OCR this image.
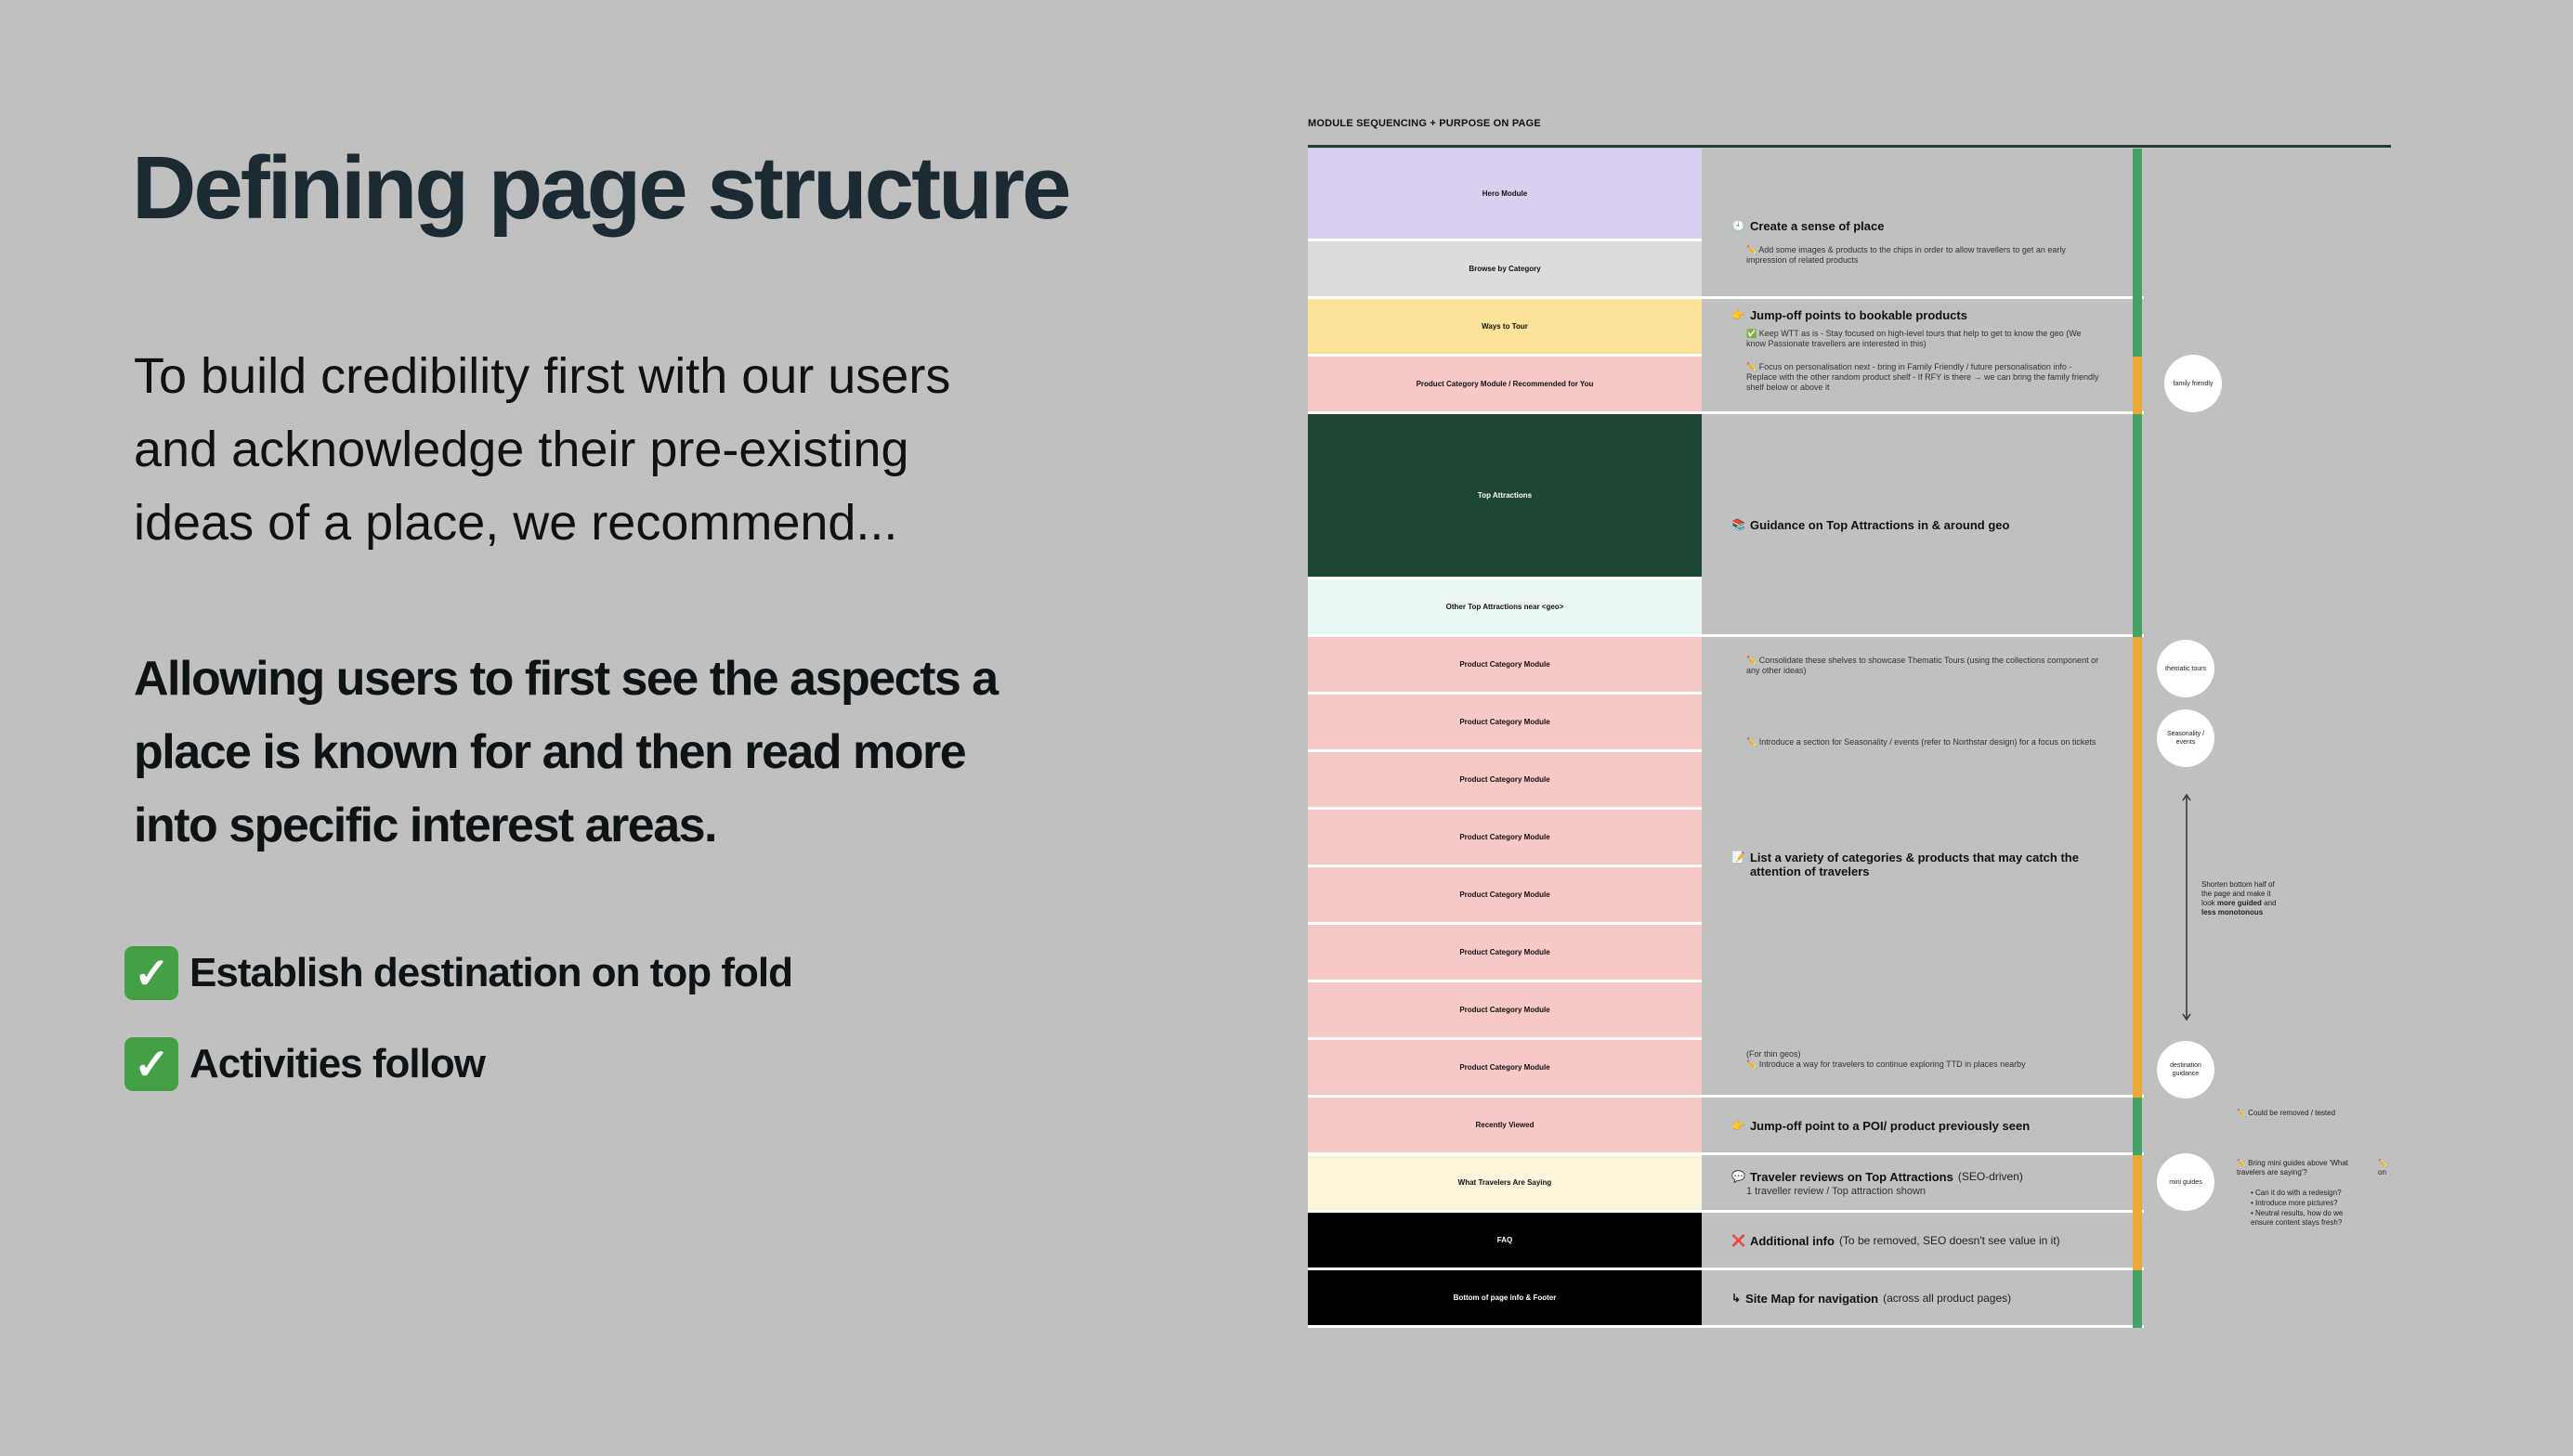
Defining page structure
To build credibility first with our users and acknowledge their pre-existing ideas of a place, we recommend...
Allowing users to first see the aspects a place is known for and then read more into specific interest areas.
✓ Establish destination on top fold
✓ Activities follow
MODULE SEQUENCING + PURPOSE ON PAGE
Hero Module
Browse by Category
Ways to Tour
Product Category Module / Recommended for You
Top Attractions
Other Top Attractions near <geo>
Product Category Module
Product Category Module
Product Category Module
Product Category Module
Product Category Module
Product Category Module
Product Category Module
Product Category Module
Recently Viewed
What Travelers Are Saying
FAQ
Bottom of page info & Footer
🕘 Create a sense of place
✏️ Add some images & products to the chips in order to allow travellers to get an early impression of related products
👉 Jump-off points to bookable products
✅ Keep WTT as is - Stay focused on high-level tours that help to get to know the geo (We know Passionate travellers are interested in this)
✏️ Focus on personalisation next - bring in Family Friendly / future personalisation info - Replace with the other random product shelf - If RFY is there → we can bring the family friendly shelf below or above it
📚 Guidance on Top Attractions in & around geo
✏️ Consolidate these shelves to showcase Thematic Tours (using the collections component or any other ideas)
✏️ Introduce a section for Seasonality / events (refer to Northstar design) for a focus on tickets
📝 List a variety of categories & products that may catch the attention of travelers
(For thin geos)
✏️ Introduce a way for travelers to continue exploring TTD in places nearby
👉 Jump-off point to a POI/ product previously seen
💬 Traveler reviews on Top Attractions (SEO-driven)
1 traveller review / Top attraction shown
❌ Additional info (To be removed, SEO doesn't see value in it)
↳ Site Map for navigation (across all product pages)
family friendly
thematic tours
Seasonality / events
destination guidance
mini guides
Shorten bottom half of the page and make it look more guided and less monotonous
✏️ Could be removed / tested
✏️ Bring mini guides above 'What travelers are saying'?
• Can it do with a redesign?
• Introduce more pictures?
• Neutral results, how do we ensure content stays fresh?
✏️ on
